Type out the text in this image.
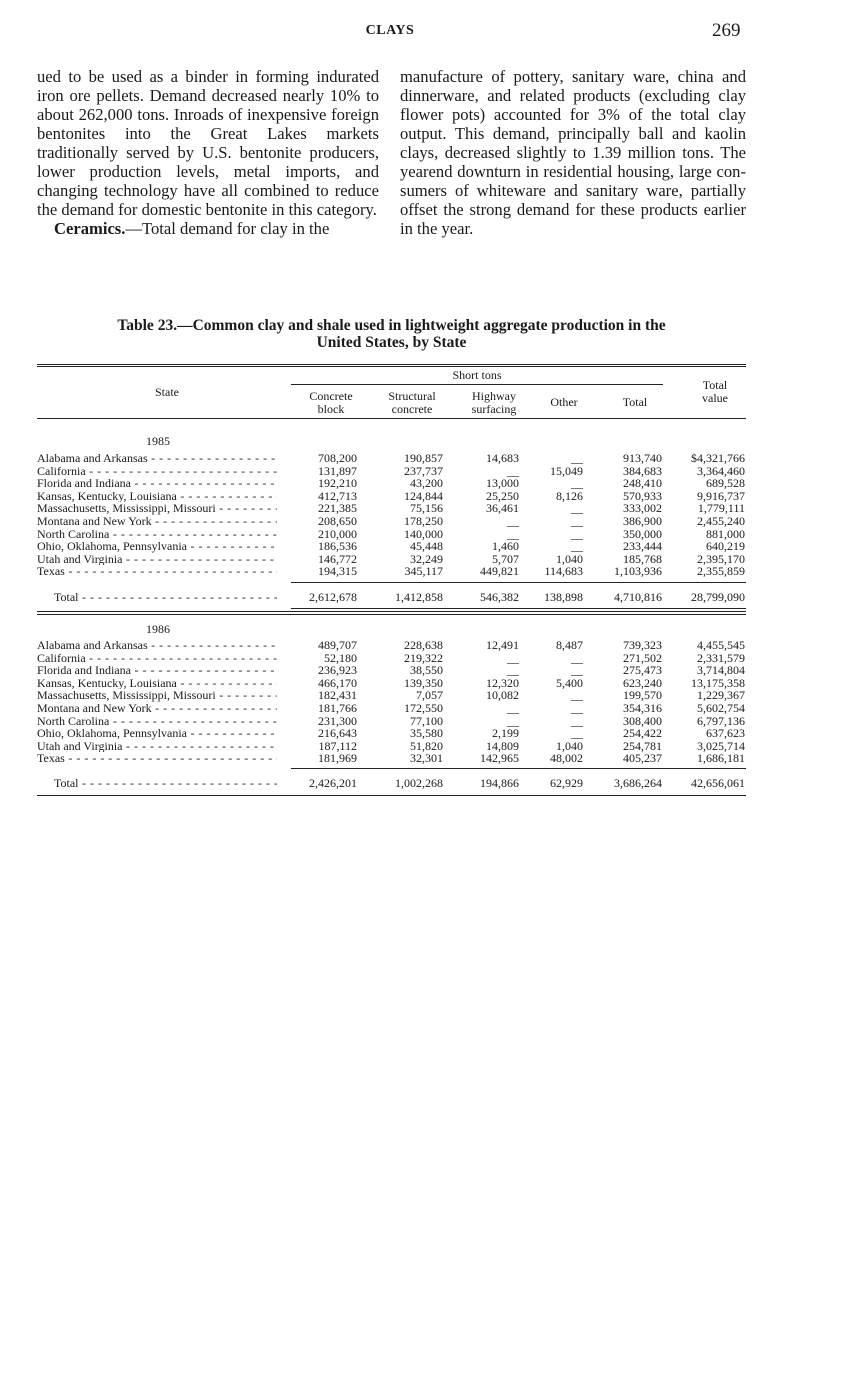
CLAYS	269

ued to be used as a binder in forming indurated iron ore pellets. Demand decreased nearly 10% to about 262,000 tons. Inroads of inexpensive foreign bentonites into the Great Lakes markets traditionally served by U.S. bentonite producers, lower production levels, metal imports, and changing technology have all combined to reduce the demand for domestic bentonite in this category.

Ceramics.—Total demand for clay in the

manufacture of pottery, sanitary ware, china and dinnerware, and related products (excluding clay flower pots) accounted for 3% of the total clay output. This demand, principally ball and kaolin clays, decreased slightly to 1.39 million tons. The yearend downturn in residential housing, large consumers of whiteware and sanitary ware, partially offset the strong demand for these products earlier in the year.

Table 23.—Common clay and shale used in lightweight aggregate production in the
United States, by State
State
Short tons
Concrete
block
Structural
concrete
Highway
surfacing	Other	Total
Total
value
1985
Alabama and Arkansas - - -	708,200	190,857	14,683	__	913,740 $4,321,766
California - - -	131,897	237,737	__	15,049	384,683	3,364,460
Florida and Indiana - - -	192,210	43,200	13,000	__	248,410	689,528
Kansas, Kentucky, Louisiana - - -	412,713	124,844	25,250	8,126	570,933	9,916,737
Massachusetts, Mississippi, Missouri - - -	221,385	75,156	36,461	__	333,002	1,779,111
Montana and New York - - -	208,650	178,250	__	__	386,900	2,455,240
North Carolina - - -	210,000	140,000	__	__	350,000	881,000
Ohio, Oklahoma, Pennsylvania - - -	186,536	45,448	1,460	__	233,444	640,219
Utah and Virginia - - -	146,772	32,249	5,707	1,040	185,768	2,395,170
Texas - - -	194,315	345,117	449,821 114,683	1,103,936	2,355,859
Total - - -	2,612,678	1,412,858	546,382 138,898	4,710,816 28,799,090
1986
Alabama and Arkansas - - -	489,707	228,638	12,491	8,487	739,323	4,455,545
California - - -	52,180	219,322	__	__	271,502	2,331,579
Florida and Indiana - - -	236,923	38,550	__	__	275,473	3,714,804
Kansas, Kentucky, Louisiana - - -	466,170	139,350	12,320	5,400	623,240 13,175,358
Massachusetts, Mississippi, Missouri - - -	182,431	7,057	10,082	__	199,570	1,229,367
Montana and New York - - -	181,766	172,550	__	__	354,316	5,602,754
North Carolina - - -	231,300	77,100	__	__	308,400	6,797,136
Ohio, Oklahoma, Pennsylvania - - -	216,643	35,580	2,199	__	254,422	637,623
Utah and Virginia - - -	187,112	51,820	14,809	1,040	254,781	3,025,714
Texas - - -	181,969	32,301	142,965	48,002	405,237	1,686,181
Total - - -	2,426,201	1,002,268	194,866	62,929	3,686,264 42,656,061
